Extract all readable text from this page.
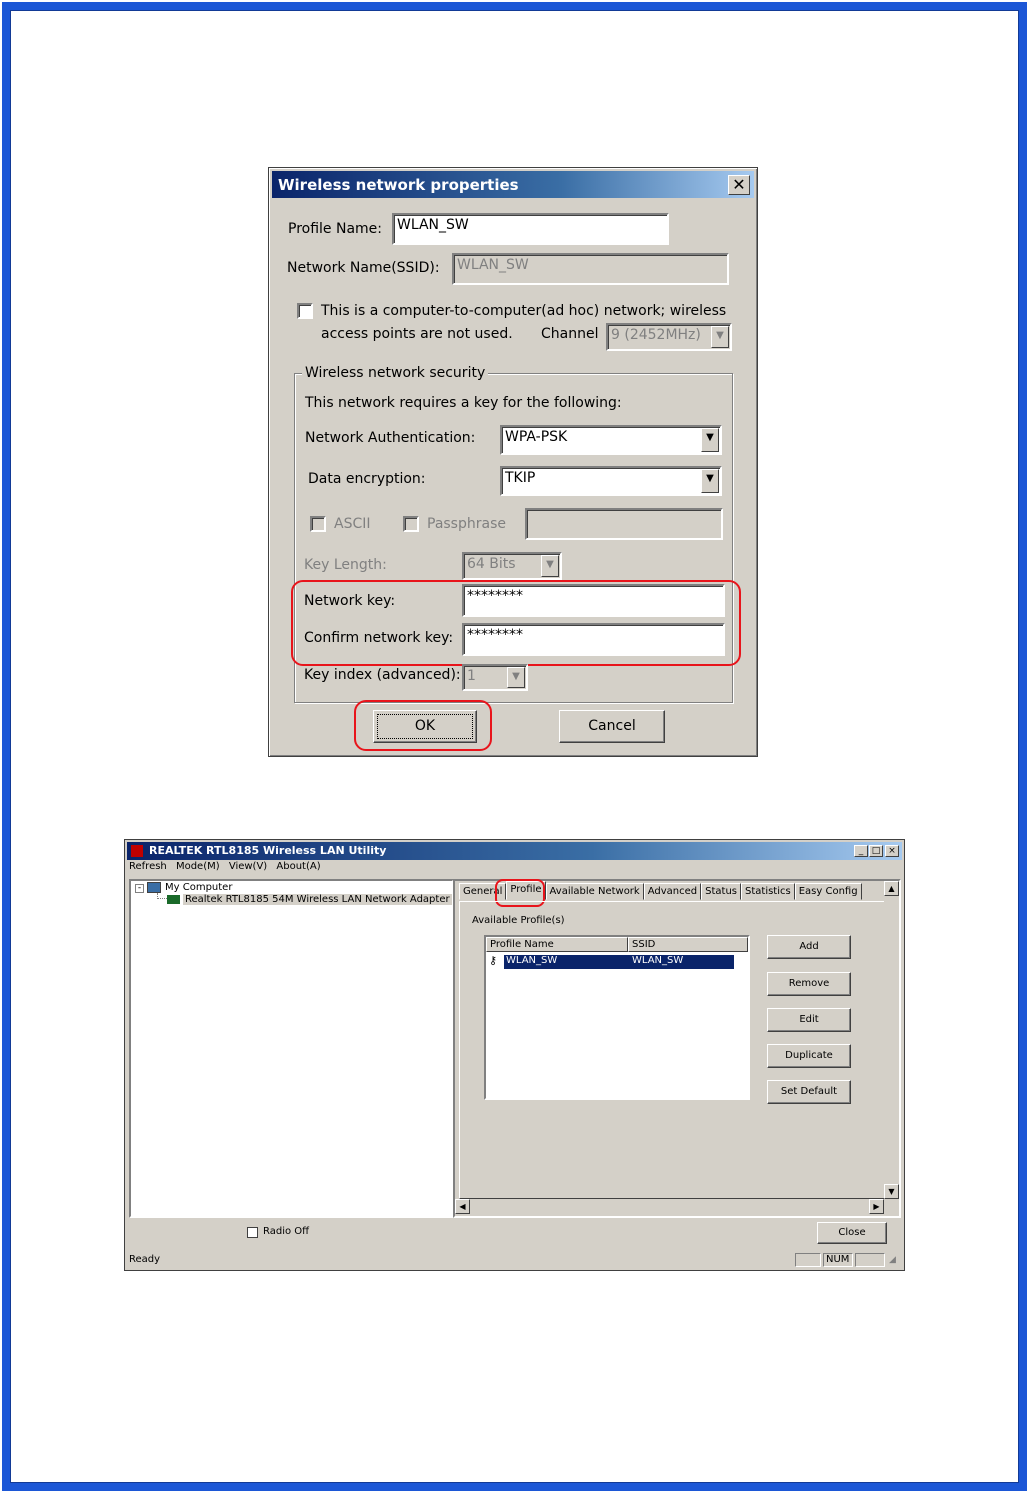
Wireless network properties	✕
Profile Name:	WLAN_SW
Network Name(SSID):	WLAN_SW
This is a computer-to-computer(ad hoc) network; wireless
access points are not used. Channel 9 (2452MHz)	▼
Wireless network security
This network requires a key for the following:
Network Authentication:	WPA-PSK	▼
Data encryption:	TKIP	▼
ASCII	Passphrase
Key Length:	64 Bits	▼
Network key:	********
Confirm network key: ********
Key index (advanced): 1	▼
OK	Cancel
REALTEK RTL8185 Wireless LAN Utility	_ □ ×
Refresh Mode(M) View(V) About(A)
- My Computer
Realtek RTL8185 54M Wireless LAN Network Adapter
General Profile Available Network Advanced Status Statistics Easy Config
Available Profile(s)
Profile Name	SSID
⚷ WLAN_SW	WLAN_SW
Add
Remove
Edit
Duplicate
Set Default
▲
▼
◀	▶
Radio Off	Close
Ready	NUM	◢
